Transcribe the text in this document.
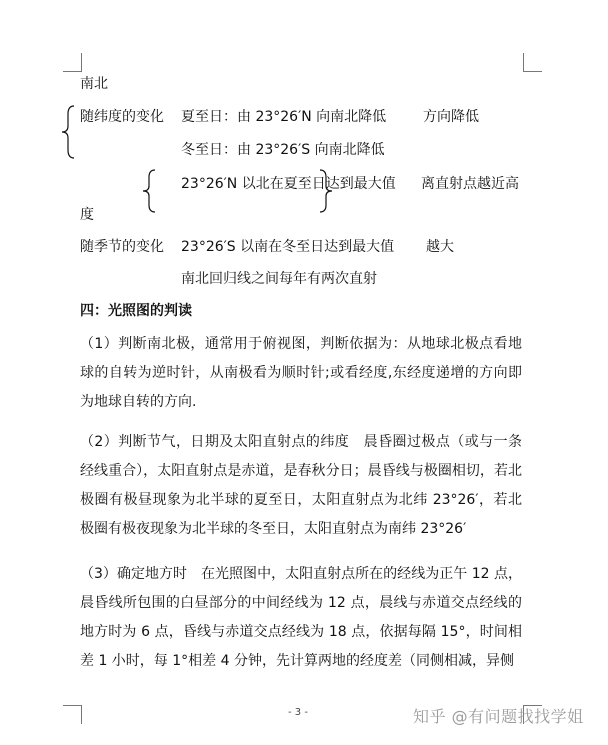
南北
随纬度的变化 夏至日：由 23°26′N 向南北降低	方向降低
冬至日：由 23°26′S 向南北降低
23°26′N 以北在夏至日达到最大值 离直射点越近高
度
随季节的变化 23°26′S 以南在冬至日达到最大值 越大
南北回归线之间每年有两次直射
四：光照图的判读
（1）判断南北极，通常用于俯视图，判断依据为：从地球北极点看地球的自转为逆时针，从南极看为顺时针;或看经度,东经度递增的方向即为地球自转的方向.
（2）判断节气，日期及太阳直射点的纬度　晨昏圈过极点（或与一条经线重合），太阳直射点是赤道，是春秋分日；晨昏线与极圈相切，若北极圈有极昼现象为北半球的夏至日，太阳直射点为北纬 23°26′，若北极圈有极夜现象为北半球的冬至日，太阳直射点为南纬 23°26′
（3）确定地方时　在光照图中，太阳直射点所在的经线为正午 12 点，晨昏线所包围的白昼部分的中间经线为 12 点，晨线与赤道交点经线的地方时为 6 点，昏线与赤道交点经线为 18 点，依据每隔 15°，时间相差 1 小时，每 1°相差 4 分钟，先计算两地的经度差（同侧相减，异侧
- 3 -	知乎 @有问题找找学姐
